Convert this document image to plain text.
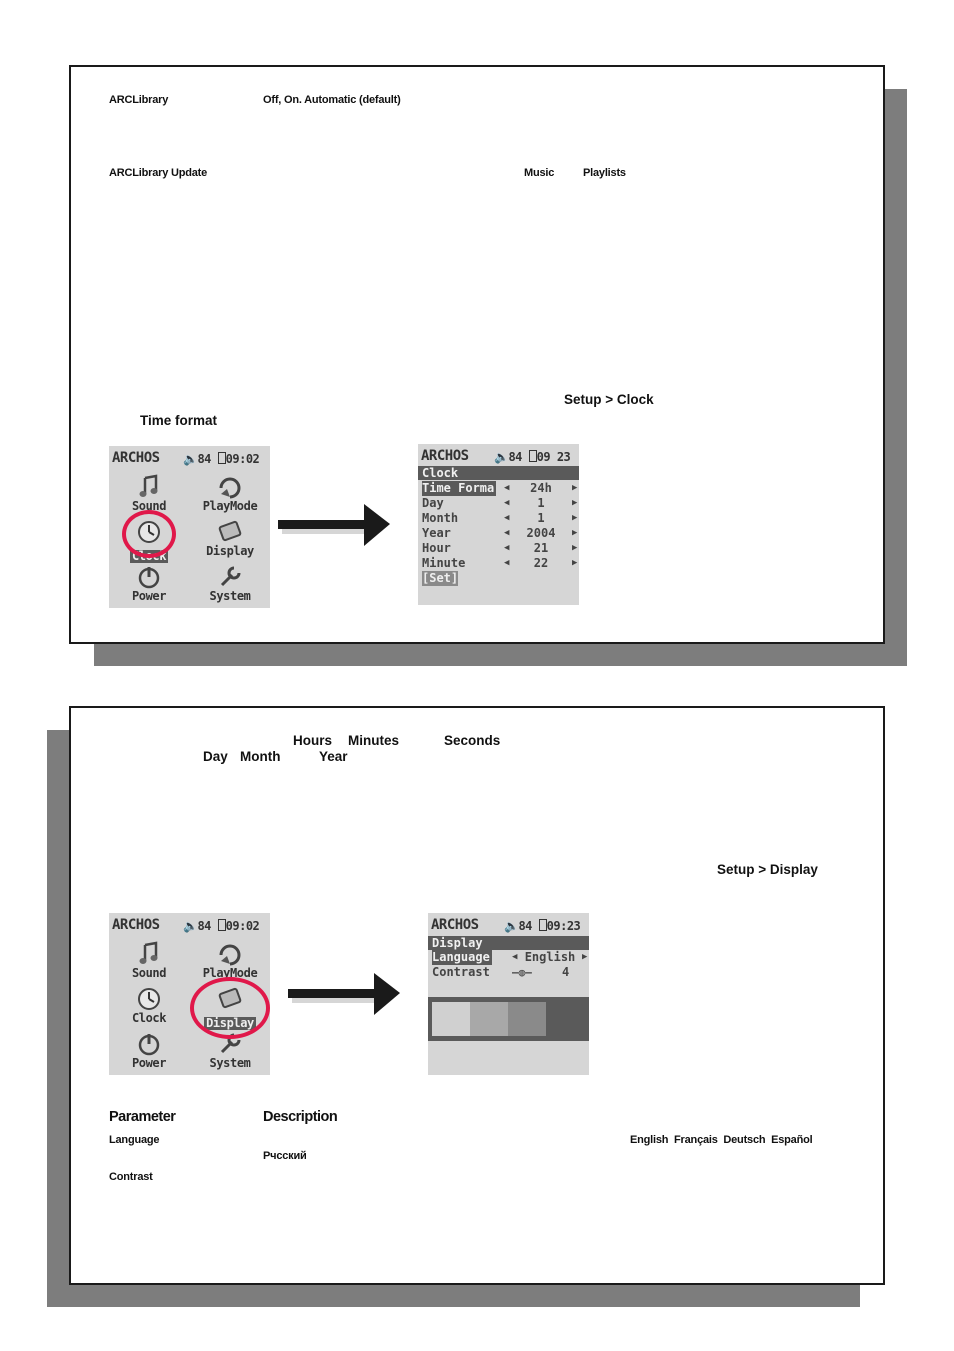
ARCLibrary	Off, On. Automatic (default)
ARCLibrary Update	Music	Playlists
Setup > Clock
Time format
ARCHOS 🔈84 09:02
Sound	PlayMode
Clock	Display
Power	System
ARCHOS 🔈84 09 23
Clock
Time Forma ◀	24h	▶
Day	◀	1	▶
Month	◀	1	▶
Year	◀	2004	▶
Hour	◀	21	▶
Minute	◀	22	▶
[Set]
Hours Minutes	Seconds
Day Month	Year
Setup > Display
ARCHOS 🔈84 09:02
Sound	PlayMode
Clock	Display
Power	System
ARCHOS 🔈84 09:23
Display
Language ◀ English ▶
Contrast —◍—	4
Parameter	Description
Language	English  Français  Deutsch  Español
Рчсский
Contrast
